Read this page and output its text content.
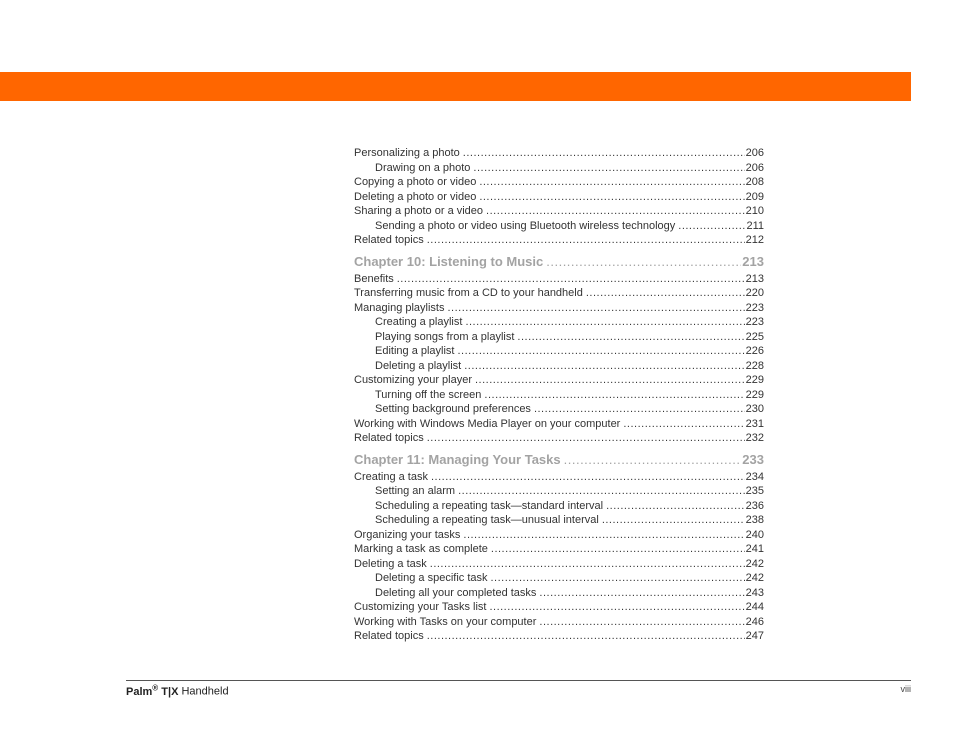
Personalizing a photo .....	206
Drawing on a photo .....	206
Copying a photo or video .....	208
Deleting a photo or video .....	209
Sharing a photo or a video .....	210
Sending a photo or video using Bluetooth wireless technology .....	211
Related topics .....	212
Chapter 10: Listening to Music .....	213
Benefits .....	213
Transferring music from a CD to your handheld .....	220
Managing playlists .....	223
Creating a playlist .....	223
Playing songs from a playlist .....	225
Editing a playlist .....	226
Deleting a playlist .....	228
Customizing your player .....	229
Turning off the screen .....	229
Setting background preferences .....	230
Working with Windows Media Player on your computer .....	231
Related topics .....	232
Chapter 11: Managing Your Tasks .....	233
Creating a task .....	234
Setting an alarm .....	235
Scheduling a repeating task—standard interval .....	236
Scheduling a repeating task—unusual interval .....	238
Organizing your tasks .....	240
Marking a task as complete .....	241
Deleting a task .....	242
Deleting a specific task .....	242
Deleting all your completed tasks .....	243
Customizing your Tasks list .....	244
Working with Tasks on your computer .....	246
Related topics .....	247
Palm® T|X Handheld	viii
